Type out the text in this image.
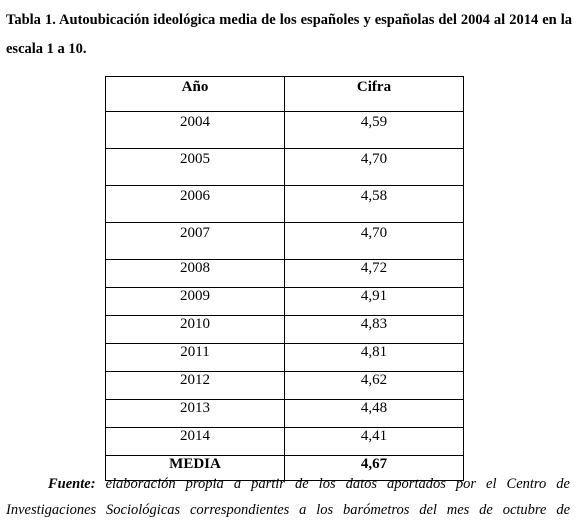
Tabla 1. Autoubicación ideológica media de los españoles y españolas del 2004 al 2014 en la escala 1 a 10.
Año	Cifra
2004	4,59
2005	4,70
2006	4,58
2007	4,70
2008	4,72
2009	4,91
2010	4,83
2011	4,81
2012	4,62
2013	4,48
2014	4,41
MEDIA	4,67
Fuente: elaboración propia a partir de los datos aportados por el Centro de Investigaciones Sociológicas correspondientes a los barómetros del mes de octubre de
